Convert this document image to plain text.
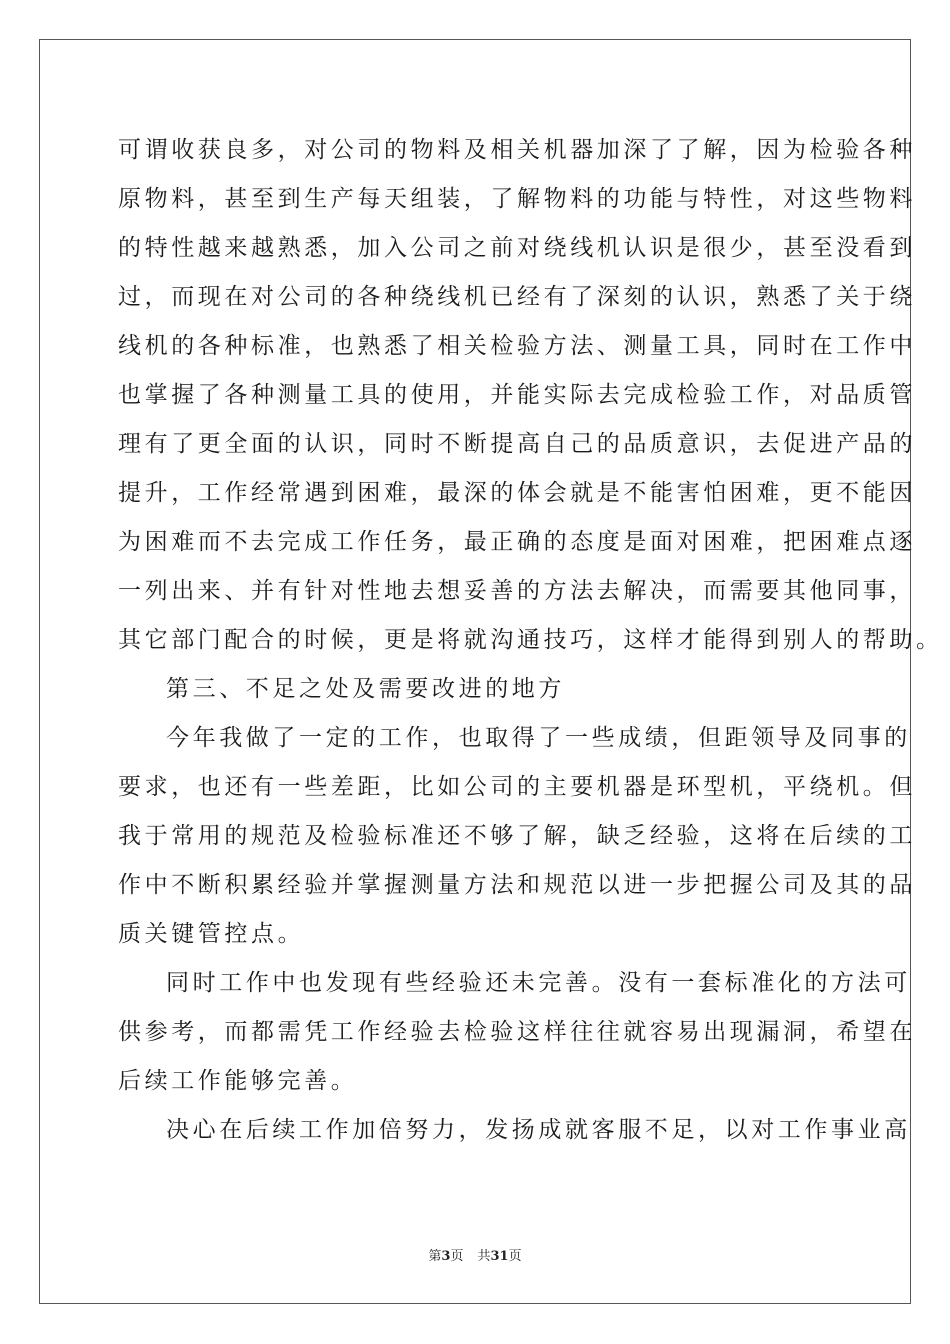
可谓收获良多，对公司的物料及相关机器加深了了解，因为检验各种
原物料，甚至到生产每天组装，了解物料的功能与特性，对这些物料
的特性越来越熟悉，加入公司之前对绕线机认识是很少，甚至没看到
过，而现在对公司的各种绕线机已经有了深刻的认识，熟悉了关于绕
线机的各种标准，也熟悉了相关检验方法、测量工具，同时在工作中
也掌握了各种测量工具的使用，并能实际去完成检验工作，对品质管
理有了更全面的认识，同时不断提高自己的品质意识，去促进产品的
提升，工作经常遇到困难，最深的体会就是不能害怕困难，更不能因
为困难而不去完成工作任务，最正确的态度是面对困难，把困难点逐
一列出来、并有针对性地去想妥善的方法去解决，而需要其他同事，
其它部门配合的时候，更是将就沟通技巧，这样才能得到别人的帮助。
第三、不足之处及需要改进的地方
今年我做了一定的工作，也取得了一些成绩，但距领导及同事的
要求，也还有一些差距，比如公司的主要机器是环型机，平绕机。但
我于常用的规范及检验标准还不够了解，缺乏经验，这将在后续的工
作中不断积累经验并掌握测量方法和规范以进一步把握公司及其的品
质关键管控点。
同时工作中也发现有些经验还未完善。没有一套标准化的方法可
供参考，而都需凭工作经验去检验这样往往就容易出现漏洞，希望在
后续工作能够完善。
决心在后续工作加倍努力，发扬成就客服不足，以对工作事业高
第3页 共31页
